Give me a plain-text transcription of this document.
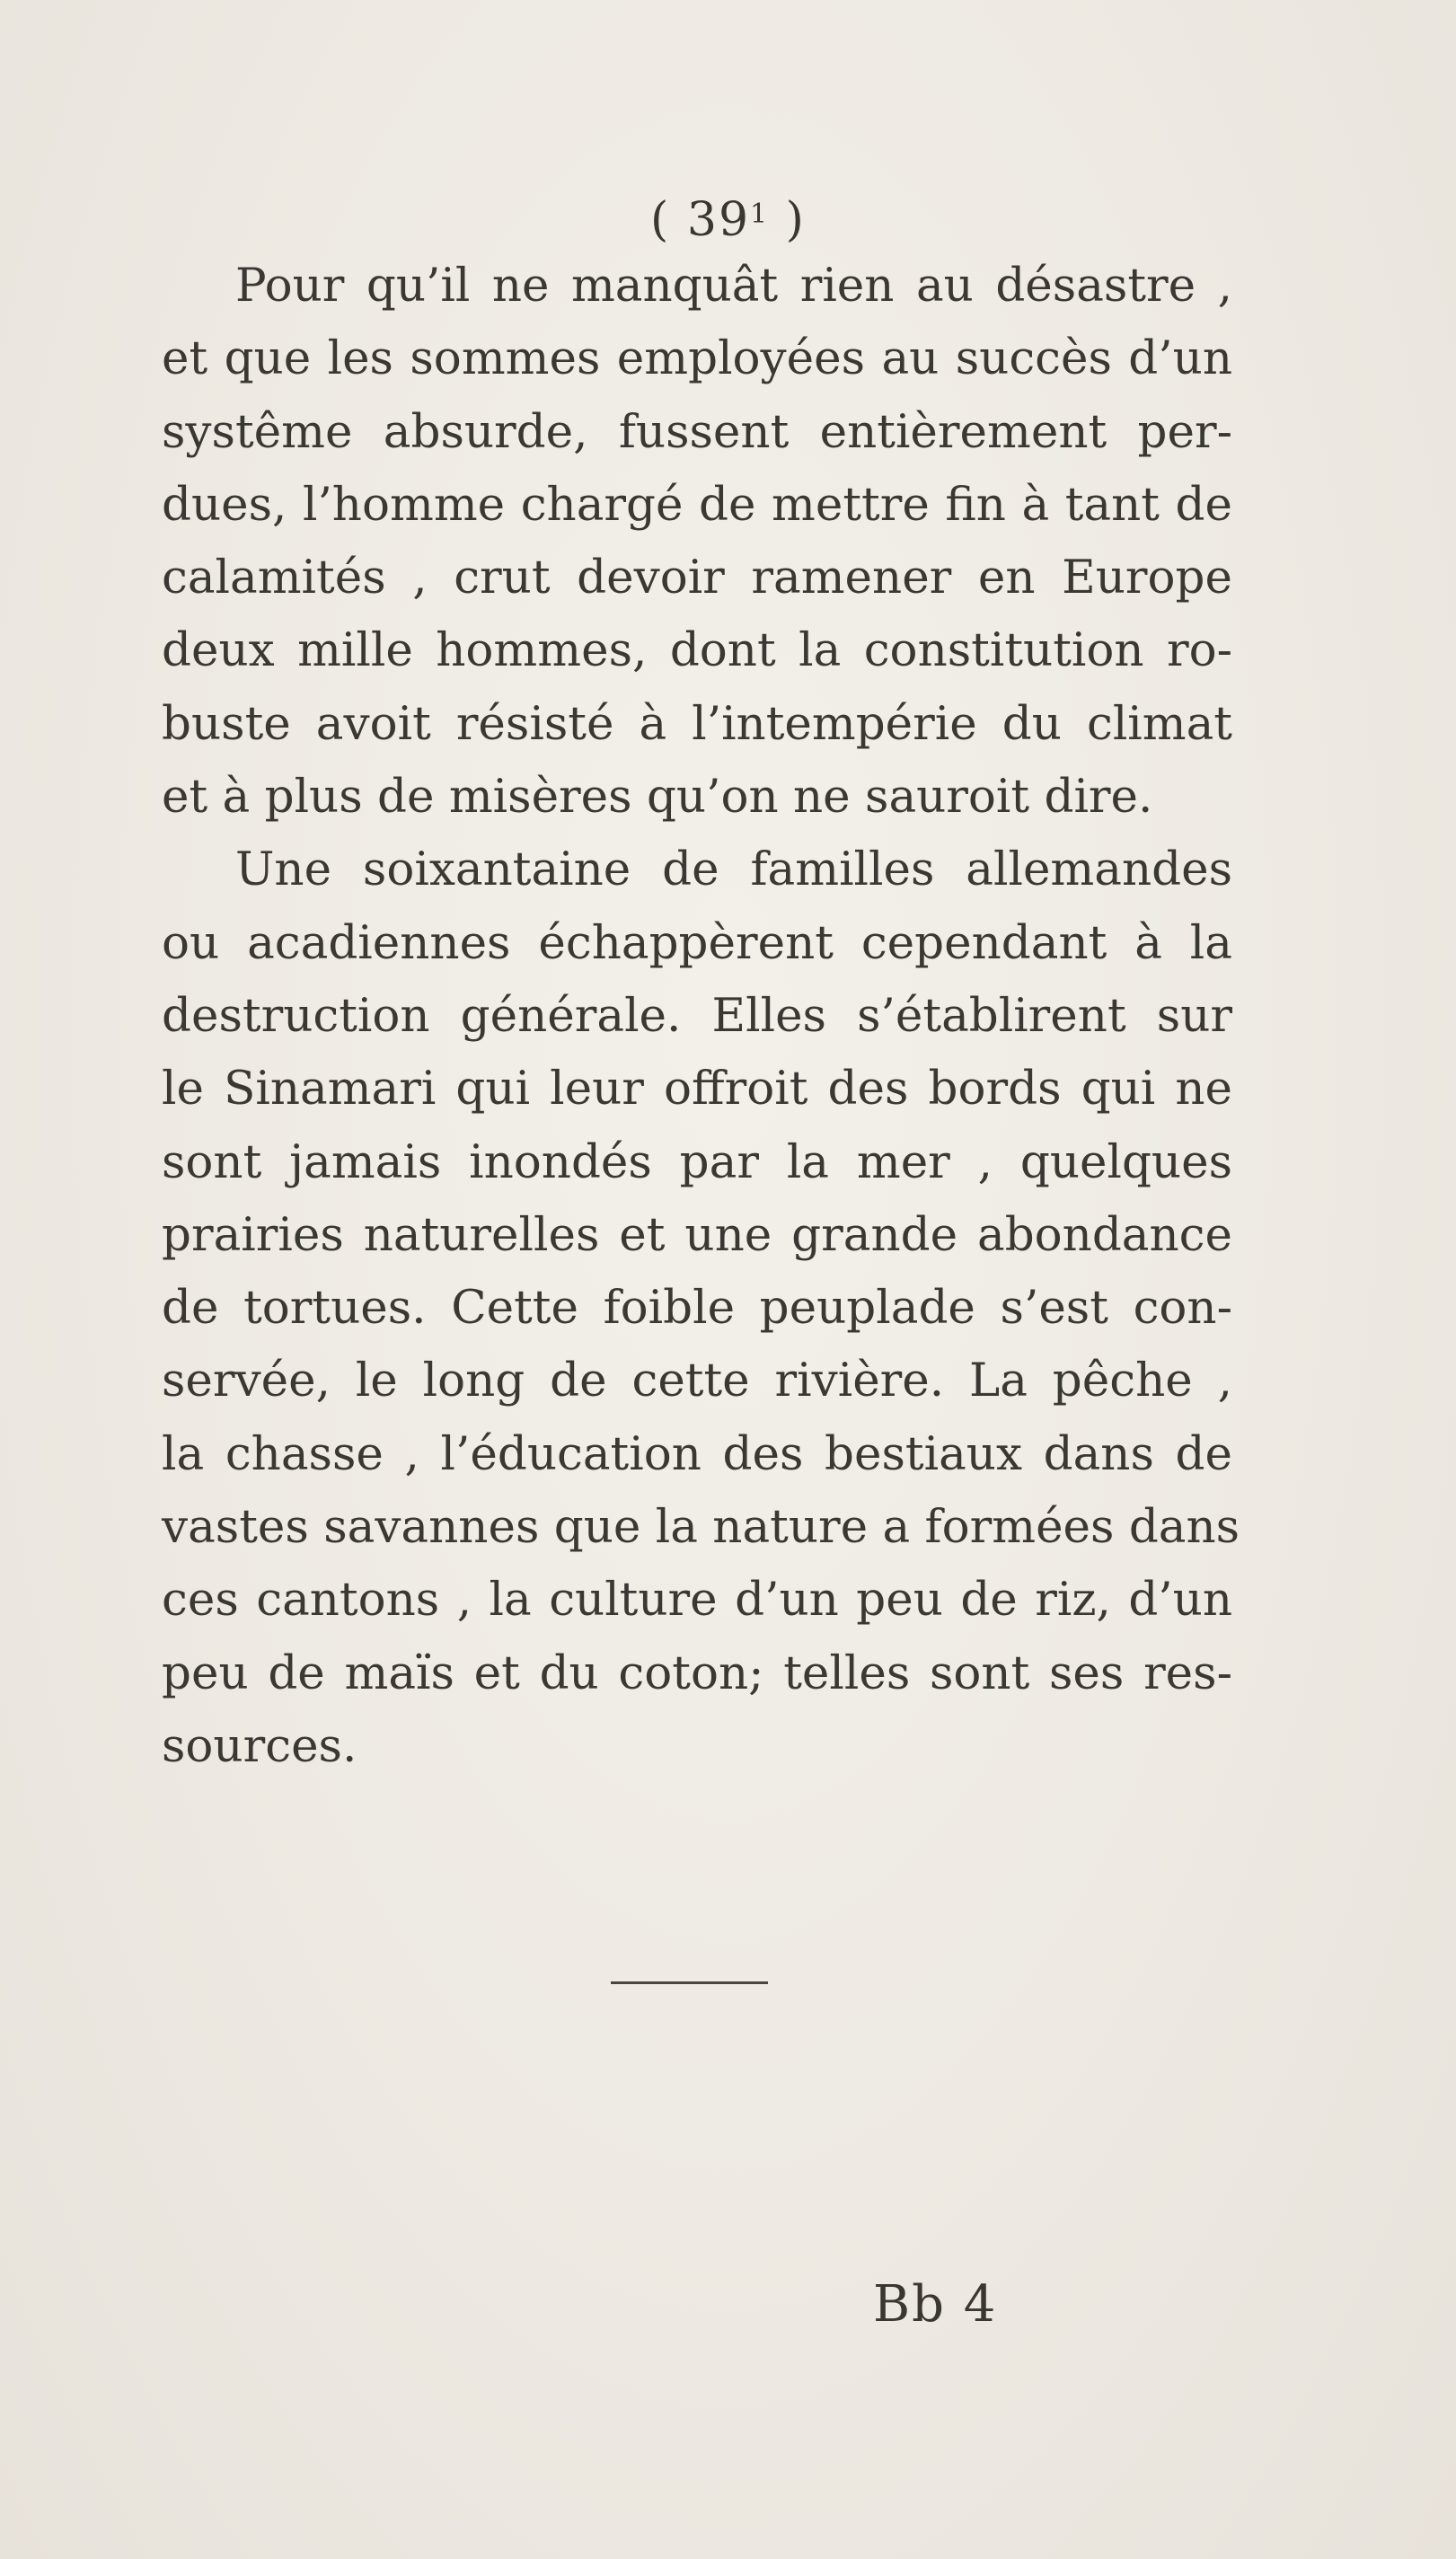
( $39^1$ )
Pour qu’il ne manquât rien au désastre ,
et que les sommes employées au succès d’un
systême absurde, fussent entièrement per-
dues, l’homme chargé de mettre fin à tant de
calamités , crut devoir ramener en Europe
deux mille hommes, dont la constitution ro-
buste avoit résisté à l’intempérie du climat
et à plus de misères qu’on ne sauroit dire.
Une soixantaine de familles allemandes
ou acadiennes échappèrent cependant à la
destruction générale. Elles s’établirent sur
le Sinamari qui leur offroit des bords qui ne
sont jamais inondés par la mer , quelques
prairies naturelles et une grande abondance
de tortues. Cette foible peuplade s’est con-
servée, le long de cette rivière. La pêche ,
la chasse , l’éducation des bestiaux dans de
vastes savannes que la nature a formées dans
ces cantons , la culture d’un peu de riz, d’un
peu de maïs et du coton; telles sont ses res-
sources.
Bb 4
